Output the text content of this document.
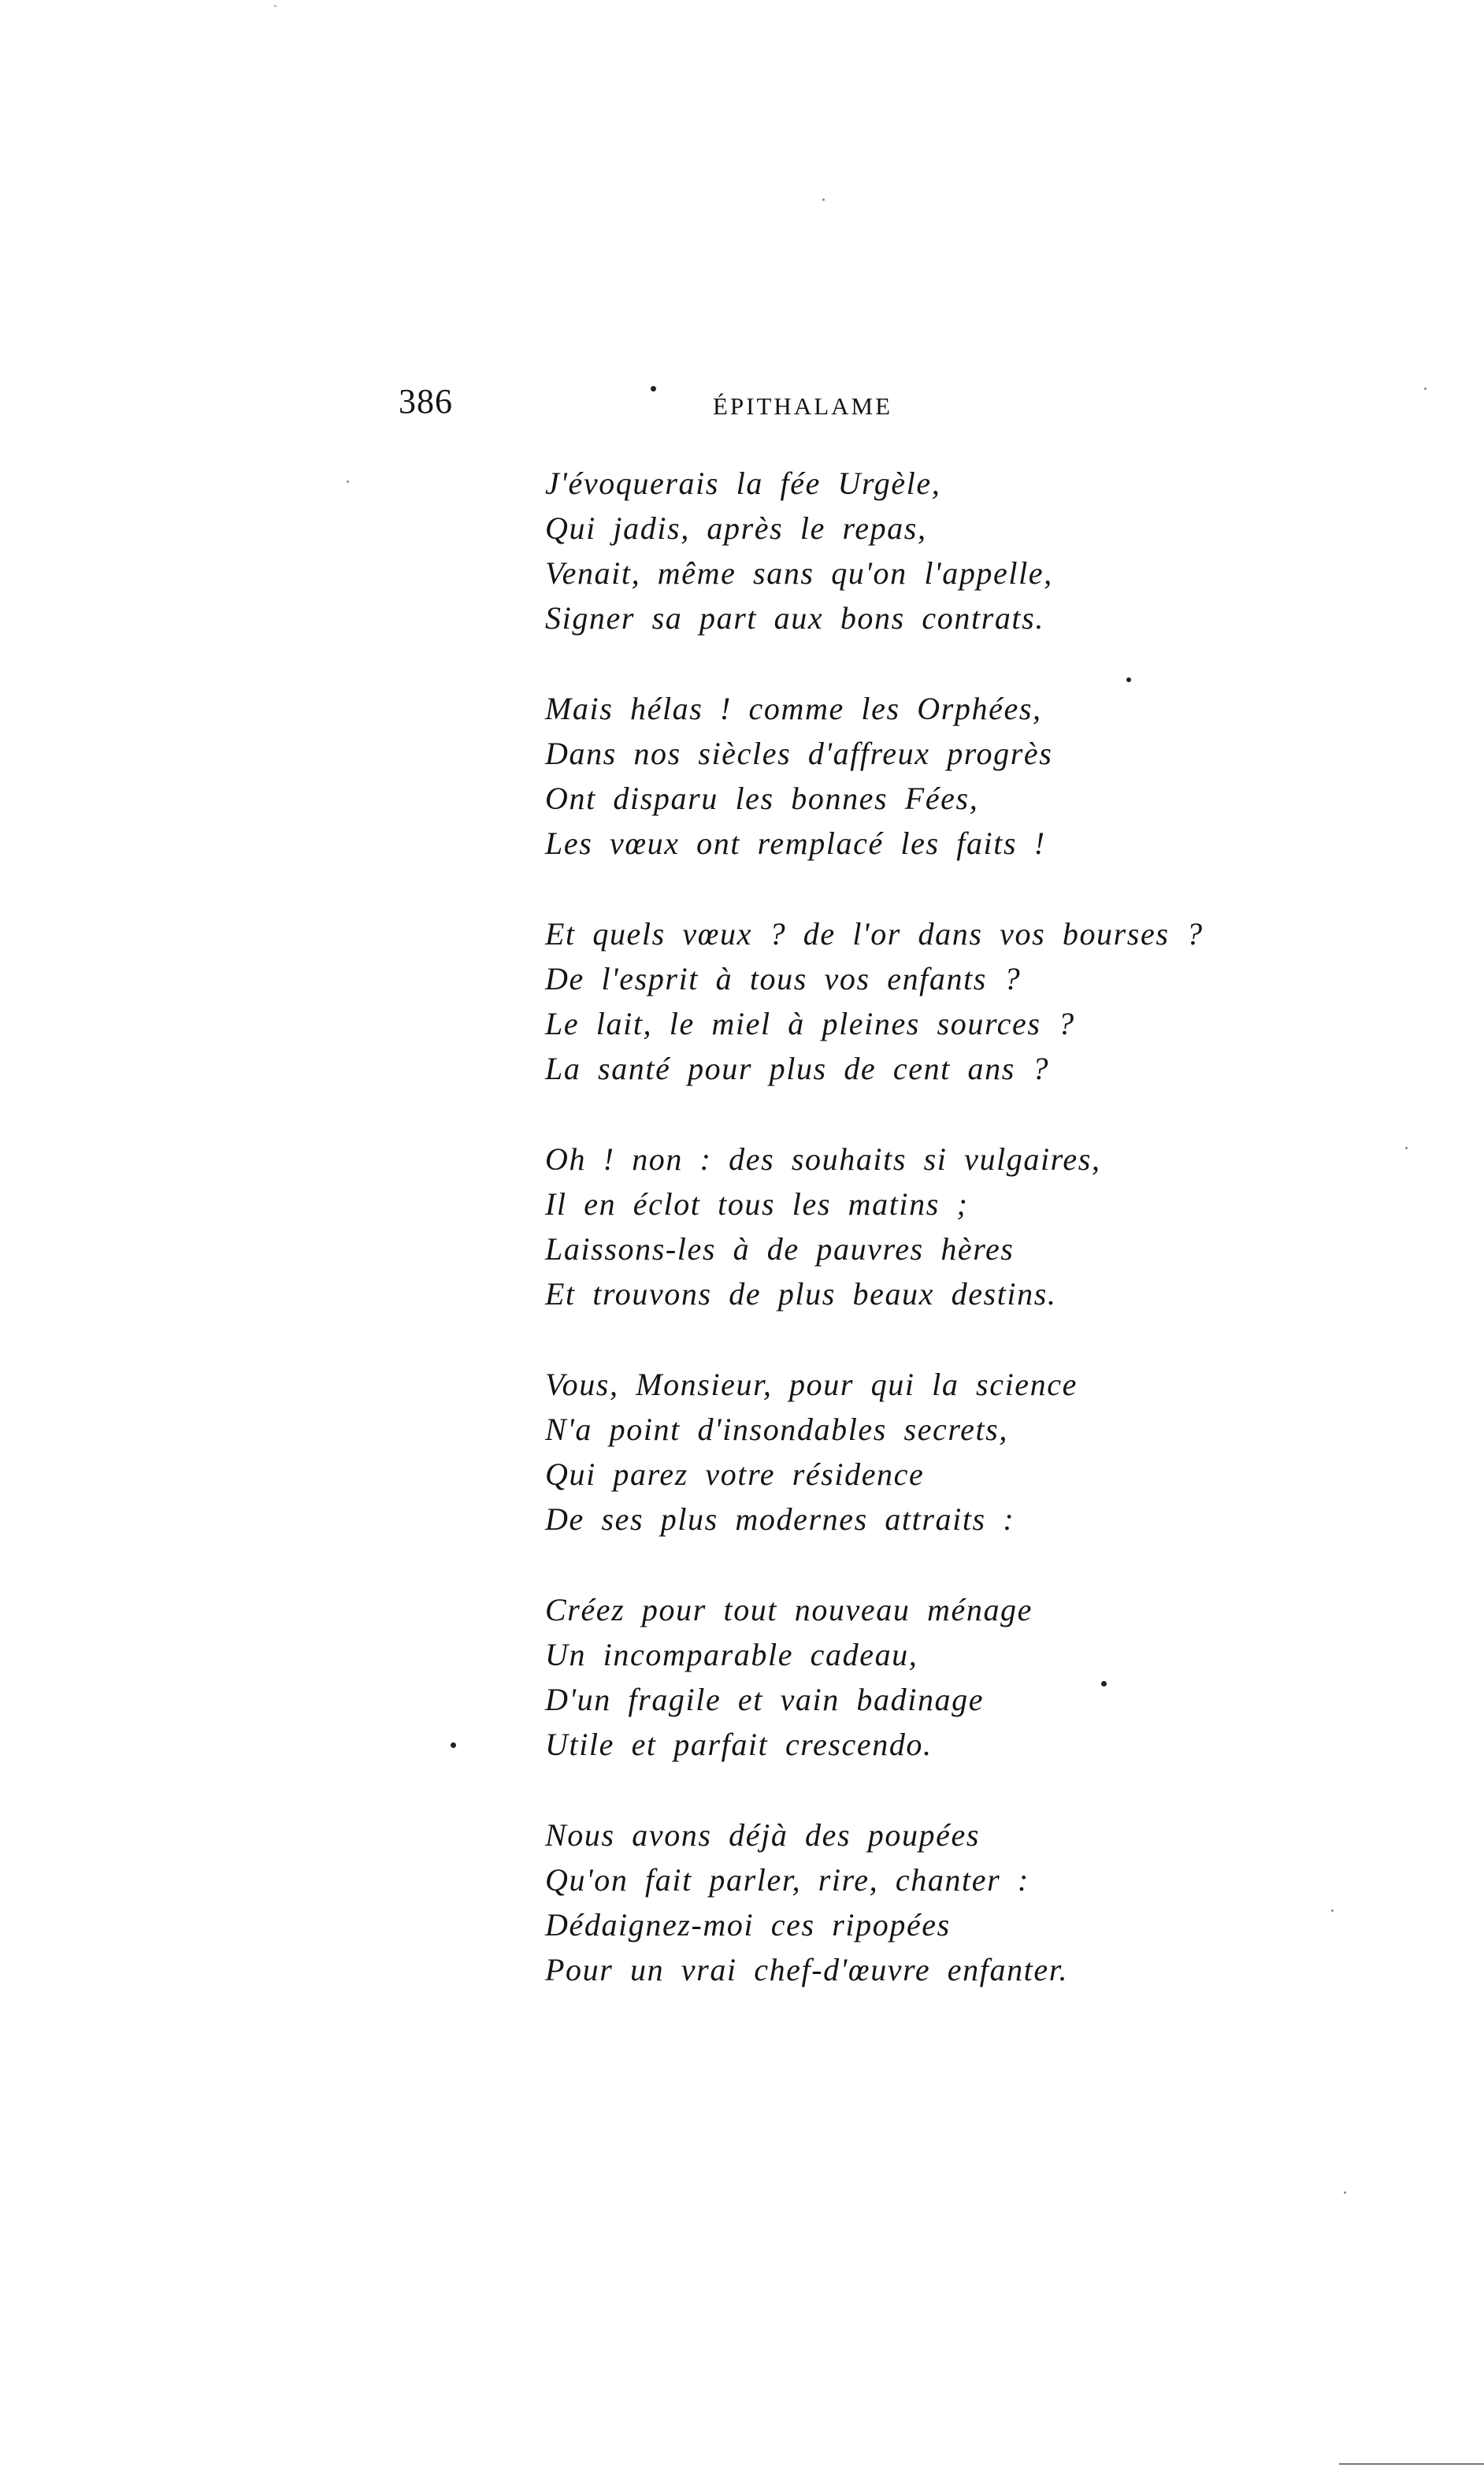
386	ÉPITHALAME
J'évoquerais la fée Urgèle,
Qui jadis, après le repas,
Venait, même sans qu'on l'appelle,
Signer sa part aux bons contrats.
Mais hélas ! comme les Orphées,
Dans nos siècles d'affreux progrès
Ont disparu les bonnes Fées,
Les vœux ont remplacé les faits !
Et quels vœux ? de l'or dans vos bourses ?
De l'esprit à tous vos enfants ?
Le lait, le miel à pleines sources ?
La santé pour plus de cent ans ?
Oh ! non : des souhaits si vulgaires,
Il en éclot tous les matins ;
Laissons-les à de pauvres hères
Et trouvons de plus beaux destins.
Vous, Monsieur, pour qui la science
N'a point d'insondables secrets,
Qui parez votre résidence
De ses plus modernes attraits :
Créez pour tout nouveau ménage
Un incomparable cadeau,
D'un fragile et vain badinage
Utile et parfait crescendo.
Nous avons déjà des poupées
Qu'on fait parler, rire, chanter :
Dédaignez-moi ces ripopées
Pour un vrai chef-d'œuvre enfanter.
